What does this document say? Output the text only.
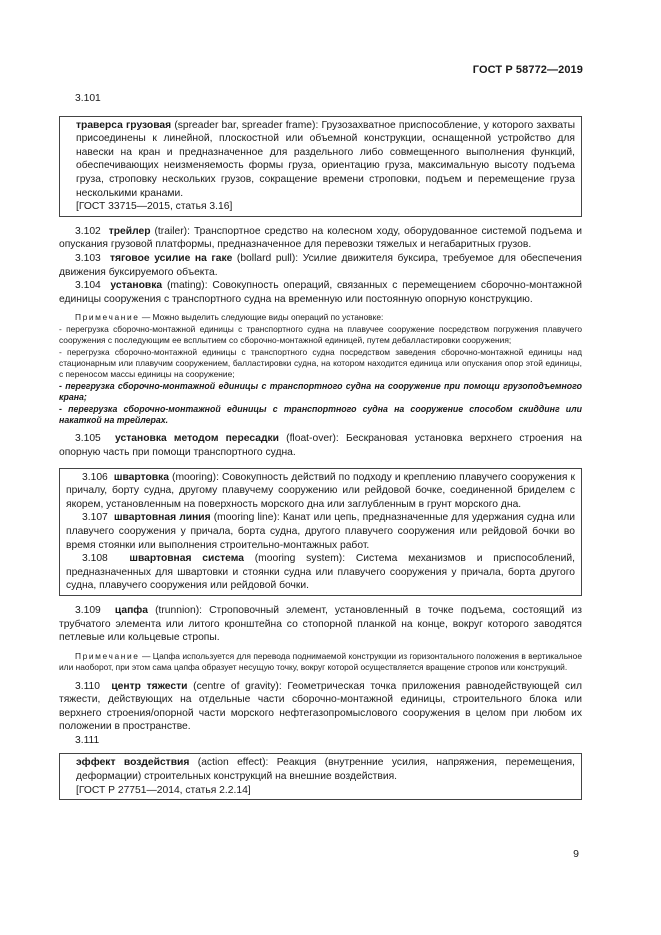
ГОСТ Р 58772—2019

3.101

траверса грузовая (spreader bar, spreader frame): Грузозахватное приспособление, у которого захваты присоединены к линейной, плоскостной или объемной конструкции, оснащенной устройство для навески на кран и предназначенное для раздельного либо совмещенного выполнения функций, обеспечивающих неизменяемость формы груза, ориентацию груза, максимальную высоту подъема груза, строповку нескольких грузов, сокращение времени строповки, подъем и перемещение груза несколькими кранами.

[ГОСТ 33715—2015, статья 3.16]

3.102 трейлер (trailer): Транспортное средство на колесном ходу, оборудованное системой подъема и опускания грузовой платформы, предназначенное для перевозки тяжелых и негабаритных грузов.

3.103 тяговое усилие на гаке (bollard pull): Усилие движителя буксира, требуемое для обеспечения движения буксируемого объекта.

3.104 установка (mating): Совокупность операций, связанных с перемещением сборочно-монтажной единицы сооружения с транспортного судна на временную или постоянную опорную конструкцию.

Примечание — Можно выделить следующие виды операций по установке:

- перегрузка сборочно-монтажной единицы с транспортного судна на плавучее сооружение посредством погружения плавучего сооружения с последующим ее всплытием со сборочно-монтажной единицей, путем дебалластировки сооружения;

- перегрузка сборочно-монтажной единицы с транспортного судна посредством заведения сборочно-монтажной единицы над стационарным или плавучим сооружением, балластировки судна, на котором находится единица или опускания опор этой единицы, с переносом массы единицы на сооружение;

- перегрузка сборочно-монтажной единицы с транспортного судна на сооружение при помощи грузоподъемного крана;

- перегрузка сборочно-монтажной единицы с транспортного судна на сооружение способом скиддинг или накаткой на трейлерах.

3.105 установка методом пересадки (float-over): Бескрановая установка верхнего строения на опорную часть при помощи транспортного судна.

3.106 швартовка (mooring): Совокупность действий по подходу и креплению плавучего сооружения к причалу, борту судна, другому плавучему сооружению или рейдовой бочке, соединенной бриделем с якорем, установленным на поверхность морского дна или заглубленным в грунт морского дна.

3.107 швартовная линия (mooring line): Канат или цепь, предназначенные для удержания судна или плавучего сооружения у причала, борта судна, другого плавучего сооружения или рейдовой бочки во время стоянки или выполнения строительно-монтажных работ.

3.108 швартовная система (mooring system): Система механизмов и приспособлений, предназначенных для швартовки и стоянки судна или плавучего сооружения у причала, борта другого судна, плавучего сооружения или рейдовой бочки.

3.109 цапфа (trunnion): Строповочный элемент, установленный в точке подъема, состоящий из трубчатого элемента или литого кронштейна со стопорной планкой на конце, вокруг которого заводятся петлевые или кольцевые стропы.

Примечание — Цапфа используется для перевода поднимаемой конструкции из горизонтального положения в вертикальное или наоборот, при этом сама цапфа образует несущую точку, вокруг которой осуществляется вращение стропов или конструкций.

3.110 центр тяжести (centre of gravity): Геометрическая точка приложения равнодействующей сил тяжести, действующих на отдельные части сборочно-монтажной единицы, строительного блока или верхнего строения/опорной части морского нефтегазопромыслового сооружения в целом при любом их положении в пространстве.

3.111

эффект воздействия (action effect): Реакция (внутренние усилия, напряжения, перемещения, деформации) строительных конструкций на внешние воздействия.

[ГОСТ Р 27751—2014, статья 2.2.14]

9
